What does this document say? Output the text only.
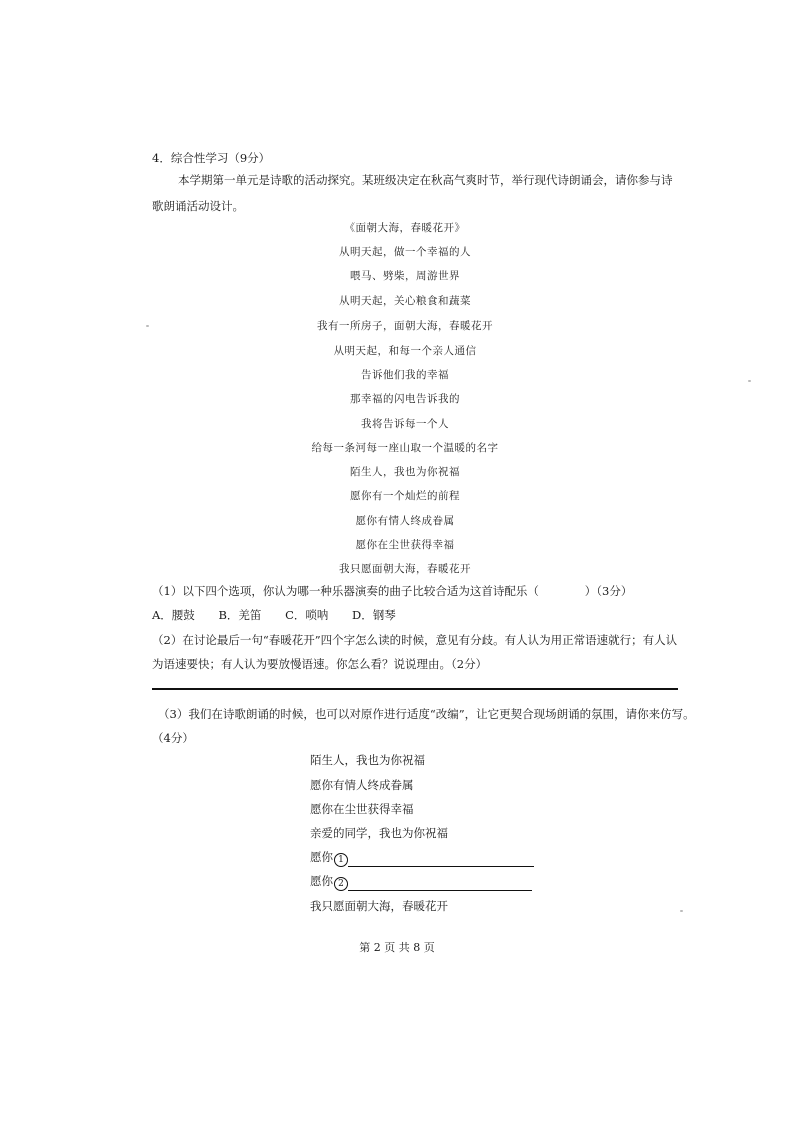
4．综合性学习（9分）
本学期第一单元是诗歌的活动探究。某班级决定在秋高气爽时节，举行现代诗朗诵会，请你参与诗
歌朗诵活动设计。
《面朝大海，春暖花开》
从明天起，做一个幸福的人
喂马、劈柴，周游世界
从明天起，关心粮食和蔬菜
我有一所房子，面朝大海，春暖花开
从明天起，和每一个亲人通信
告诉他们我的幸福
那幸福的闪电告诉我的
我将告诉每一个人
给每一条河每一座山取一个温暖的名字
陌生人，我也为你祝福
愿你有一个灿烂的前程
愿你有情人终成眷属
愿你在尘世获得幸福
我只愿面朝大海，春暖花开
（1）以下四个选项，你认为哪一种乐器演奏的曲子比较合适为这首诗配乐（　　　　）（3分）
A．腰鼓 B．羌笛 C．唢呐 D．钢琴
（2）在讨论最后一句“春暖花开”四个字怎么读的时候，意见有分歧。有人认为用正常语速就行；有人认
为语速要快；有人认为要放慢语速。你怎么看？说说理由。（2分）
（3）我们在诗歌朗诵的时候，也可以对原作进行适度“改编”，让它更契合现场朗诵的氛围，请你来仿写。
（4分）
陌生人，我也为你祝福
愿你有情人终成眷属
愿你在尘世获得幸福
亲爱的同学，我也为你祝福
愿你 1
愿你 2
我只愿面朝大海，春暖花开
第 2 页 共 8 页
